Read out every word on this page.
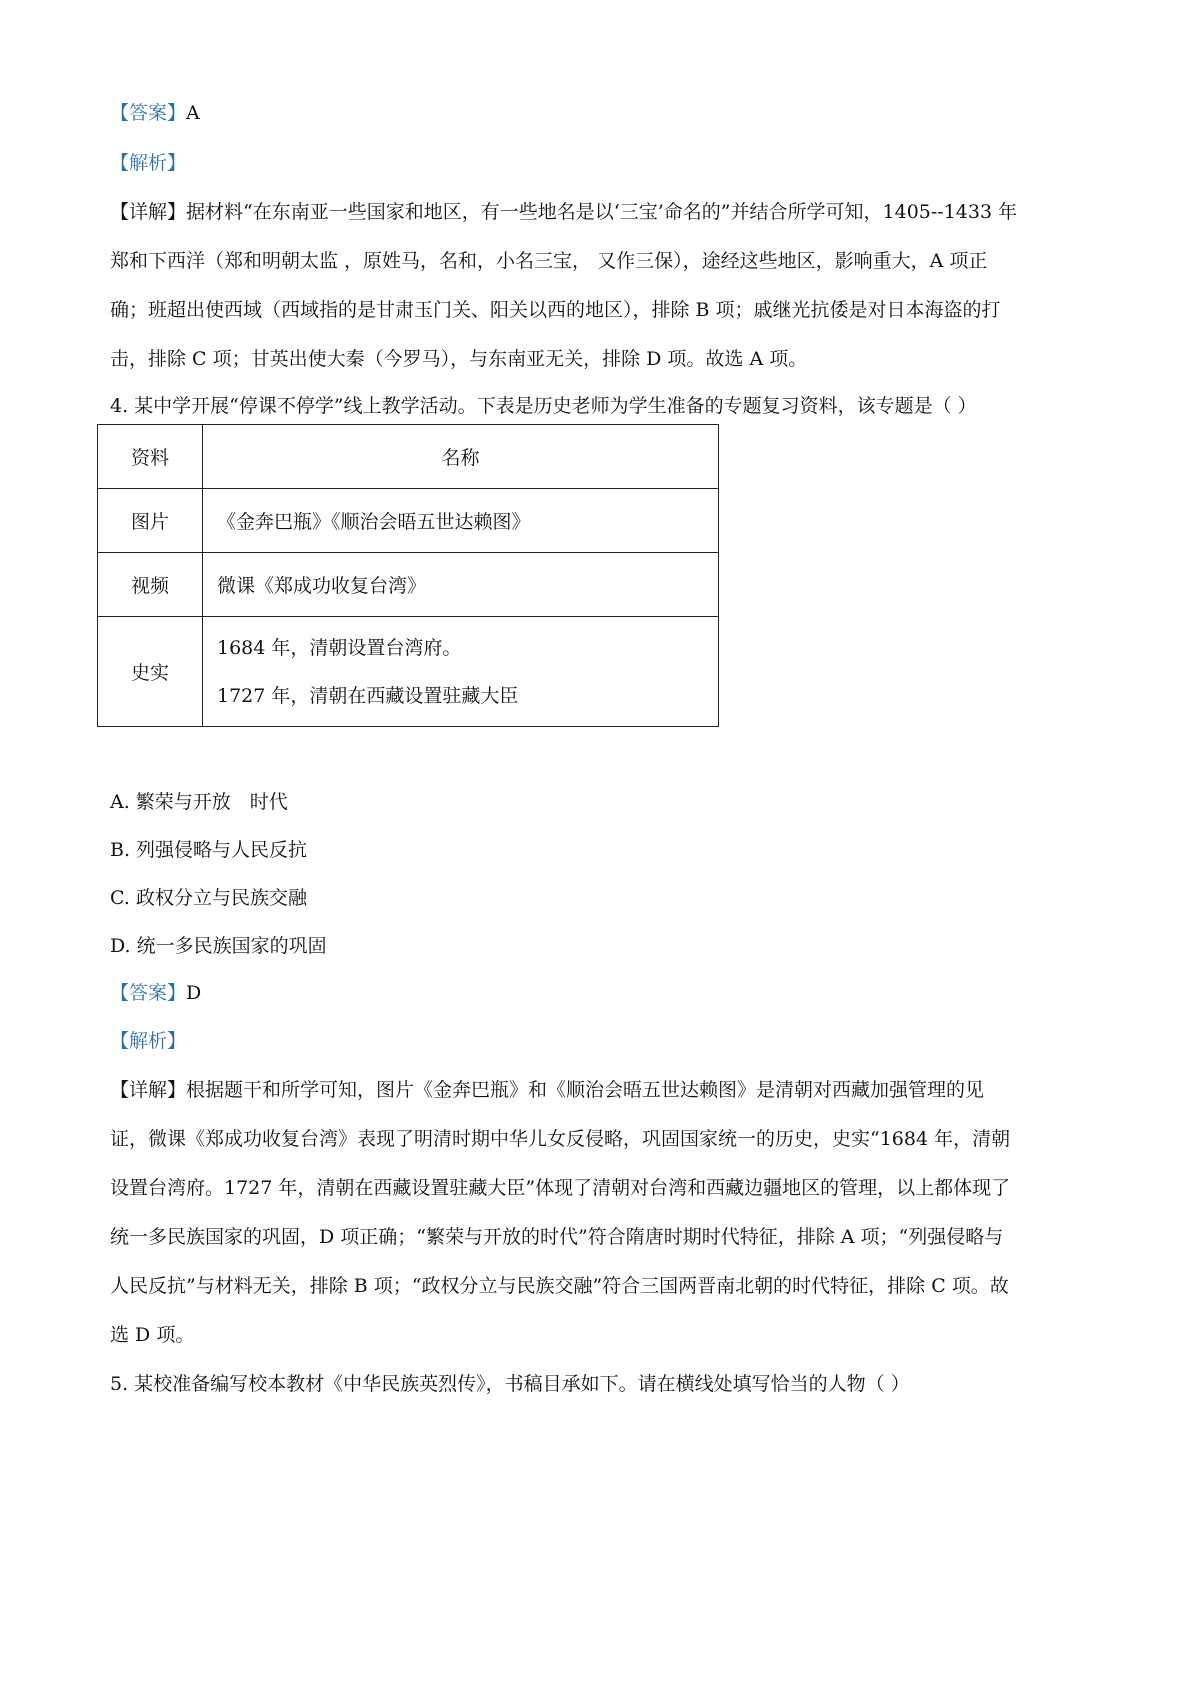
【答案】A
【解析】
【详解】据材料“在东南亚一些国家和地区，有一些地名是以‘三宝’命名的”并结合所学可知，1405--1433 年
郑和下西洋（郑和明朝太监 ，原姓马，名和，小名三宝， 又作三保），途经这些地区，影响重大，A 项正
确；班超出使西域（西域指的是甘肃玉门关、阳关以西的地区），排除 B 项；戚继光抗倭是对日本海盗的打
击，排除 C 项；甘英出使大秦（今罗马），与东南亚无关，排除 D 项。故选 A 项。
4. 某中学开展“停课不停学”线上教学活动。下表是历史老师为学生准备的专题复习资料，该专题是（ ）
资料	名称
图片	《金奔巴瓶》《顺治会晤五世达赖图》
视频	微课《郑成功收复台湾》
史实	1684 年，清朝设置台湾府。
1727 年，清朝在西藏设置驻藏大臣
A. 繁荣与开放　时代
B. 列强侵略与人民反抗
C. 政权分立与民族交融
D. 统一多民族国家的巩固
【答案】D
【解析】
【详解】根据题干和所学可知，图片《金奔巴瓶》和《顺治会晤五世达赖图》是清朝对西藏加强管理的见
证，微课《郑成功收复台湾》表现了明清时期中华儿女反侵略，巩固国家统一的历史，史实“1684 年，清朝
设置台湾府。1727 年，清朝在西藏设置驻藏大臣”体现了清朝对台湾和西藏边疆地区的管理，以上都体现了
统一多民族国家的巩固，D 项正确；“繁荣与开放的时代”符合隋唐时期时代特征，排除 A 项；“列强侵略与
人民反抗”与材料无关，排除 B 项；“政权分立与民族交融”符合三国两晋南北朝的时代特征，排除 C 项。故
选 D 项。
5. 某校准备编写校本教材《中华民族英烈传》，书稿目承如下。请在横线处填写恰当的人物（ ）
